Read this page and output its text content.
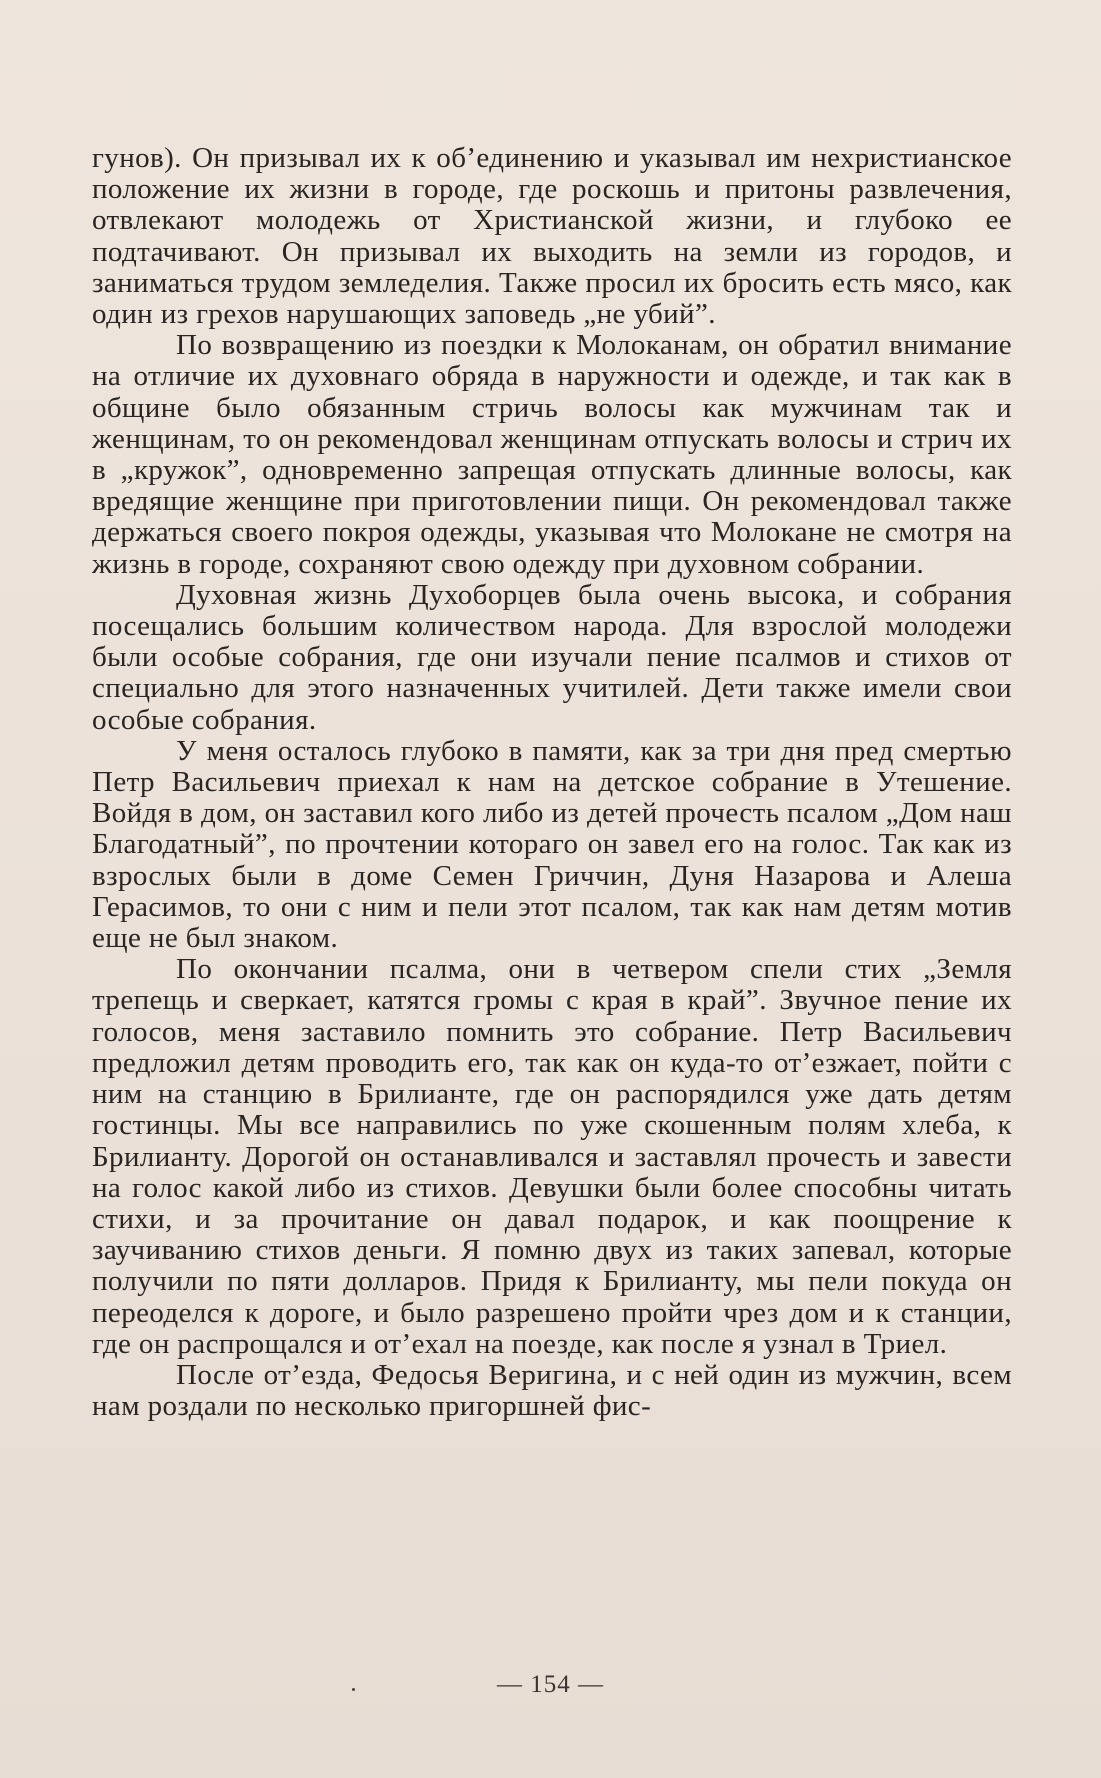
гунов). Он призывал их к об’единению и указывал им нехристианское положение их жизни в городе, где роскошь и притоны развлечения, отвлекают молодежь от Христианской жизни, и глубоко ее подтачивают. Он призывал их выходить на земли из городов, и заниматься трудом земледелия. Также просил их бросить есть мясо, как один из грехов нарушающих заповедь „не убий”.

По возвращению из поездки к Молоканам, он обратил внимание на отличие их духовнаго обряда в наружности и одежде, и так как в общине было обязанным стричь волосы как мужчинам так и женщинам, то он рекомендовал женщинам отпускать волосы и стрич их в „кружок”, одновременно запрещая отпускать длинные волосы, как вредящие женщине при приготовлении пищи. Он рекомендовал также держаться своего покроя одежды, указывая что Молокане не смотря на жизнь в городе, сохраняют свою одежду при духовном собрании.

Духовная жизнь Духоборцев была очень высока, и собрания посещались большим количеством народа. Для взрослой молодежи были особые собрания, где они изучали пение псалмов и стихов от специально для этого назначенных учитилей. Дети также имели свои особые собрания.

У меня осталось глубоко в памяти, как за три дня пред смертью Петр Васильевич приехал к нам на детское собрание в Утешение. Войдя в дом, он заставил кого либо из детей прочесть псалом „Дом наш Благодатный”, по прочтении котораго он завел его на голос. Так как из взрослых были в доме Семен Гриччин, Дуня Назарова и Алеша Герасимов, то они с ним и пели этот псалом, так как нам детям мотив еще не был знаком.

По окончании псалма, они в четвером спели стих „Земля трепещь и сверкает, катятся громы с края в край”. Звучное пение их голосов, меня заставило помнить это собрание. Петр Васильевич предложил детям проводить его, так как он куда-то от’езжает, пойти с ним на станцию в Брилианте, где он распорядился уже дать детям гостинцы. Мы все направились по уже скошенным полям хлеба, к Брилианту. Дорогой он останавливался и заставлял прочесть и завести на голос какой либо из стихов. Девушки были более способны читать стихи, и за прочитание он давал подарок, и как поощрение к заучиванию стихов деньги. Я помню двух из таких запевал, которые получили по пяти долларов. Придя к Брилианту, мы пели покуда он переоделся к дороге, и было разрешено пройти чрез дом и к станции, где он распрощался и от’ехал на поезде, как после я узнал в Триел.

После от’езда, Федосья Веригина, и с ней один из мужчин, всем нам роздали по несколько пригоршней фис-

— 154 —
